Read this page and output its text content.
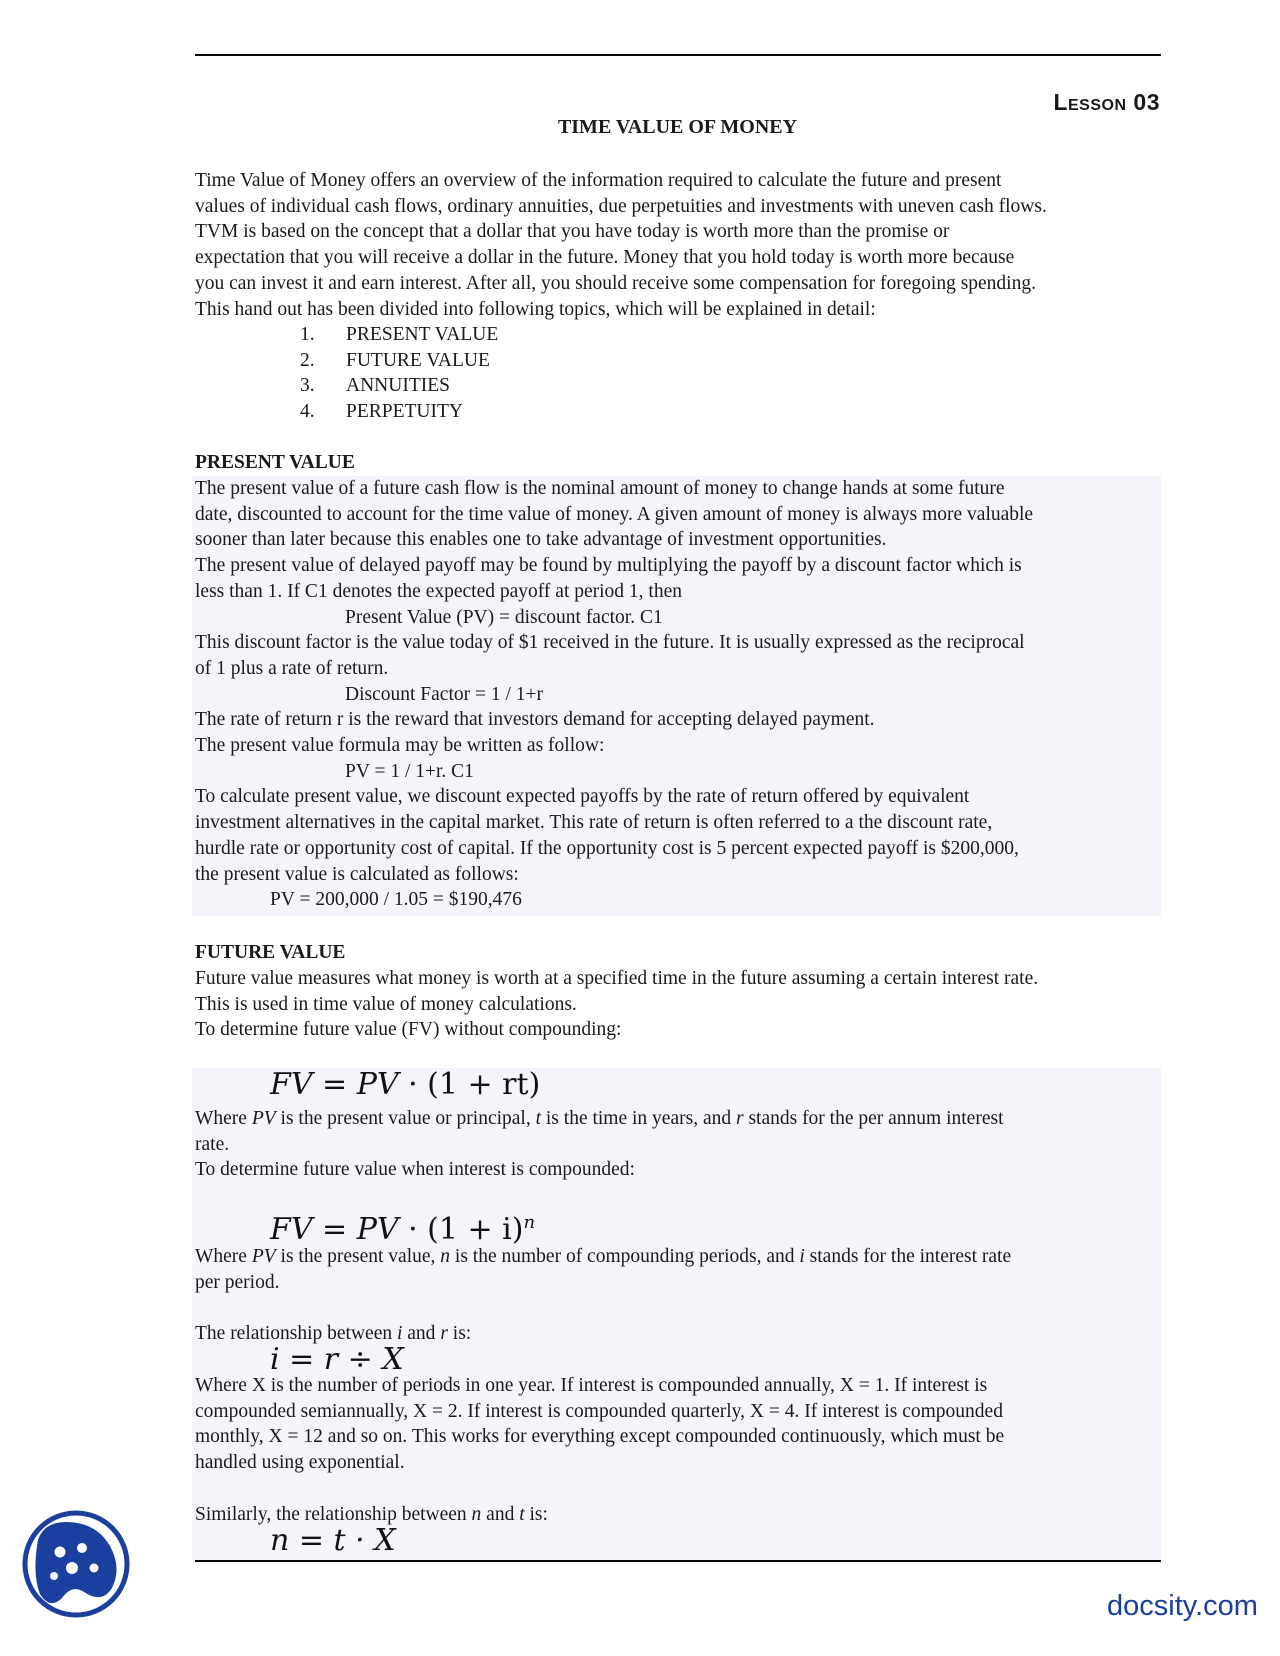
Lesson 03
TIME VALUE OF MONEY
Time Value of Money offers an overview of the information required to calculate the future and present
values of individual cash flows, ordinary annuities, due perpetuities and investments with uneven cash flows.
TVM is based on the concept that a dollar that you have today is worth more than the promise or
expectation that you will receive a dollar in the future. Money that you hold today is worth more because
you can invest it and earn interest. After all, you should receive some compensation for foregoing spending.
This hand out has been divided into following topics, which will be explained in detail:
1. PRESENT VALUE
2. FUTURE VALUE
3. ANNUITIES
4. PERPETUITY
PRESENT VALUE
The present value of a future cash flow is the nominal amount of money to change hands at some future
date, discounted to account for the time value of money. A given amount of money is always more valuable
sooner than later because this enables one to take advantage of investment opportunities.
The present value of delayed payoff may be found by multiplying the payoff by a discount factor which is
less than 1. If C1 denotes the expected payoff at period 1, then
Present Value (PV) = discount factor. C1
This discount factor is the value today of $1 received in the future. It is usually expressed as the reciprocal
of 1 plus a rate of return.
Discount Factor = 1 / 1+r
The rate of return r is the reward that investors demand for accepting delayed payment.
The present value formula may be written as follow:
PV = 1 / 1+r. C1
To calculate present value, we discount expected payoffs by the rate of return offered by equivalent
investment alternatives in the capital market. This rate of return is often referred to a the discount rate,
hurdle rate or opportunity cost of capital. If the opportunity cost is 5 percent expected payoff is $200,000,
the present value is calculated as follows:
PV = 200,000 / 1.05 = $190,476
FUTURE VALUE
Future value measures what money is worth at a specified time in the future assuming a certain interest rate.
This is used in time value of money calculations.
To determine future value (FV) without compounding:
FV = PV · (1 + rt)
Where PV is the present value or principal, t is the time in years, and r stands for the per annum interest
rate.
To determine future value when interest is compounded:
FV = PV · $(1 + i)^n$
Where PV is the present value, n is the number of compounding periods, and i stands for the interest rate
per period.
The relationship between i and r is:
i = r ÷ X
Where X is the number of periods in one year. If interest is compounded annually, X = 1. If interest is
compounded semiannually, X = 2. If interest is compounded quarterly, X = 4. If interest is compounded
monthly, X = 12 and so on. This works for everything except compounded continuously, which must be
handled using exponential.
Similarly, the relationship between n and t is:
n = t · X
docsity.com
